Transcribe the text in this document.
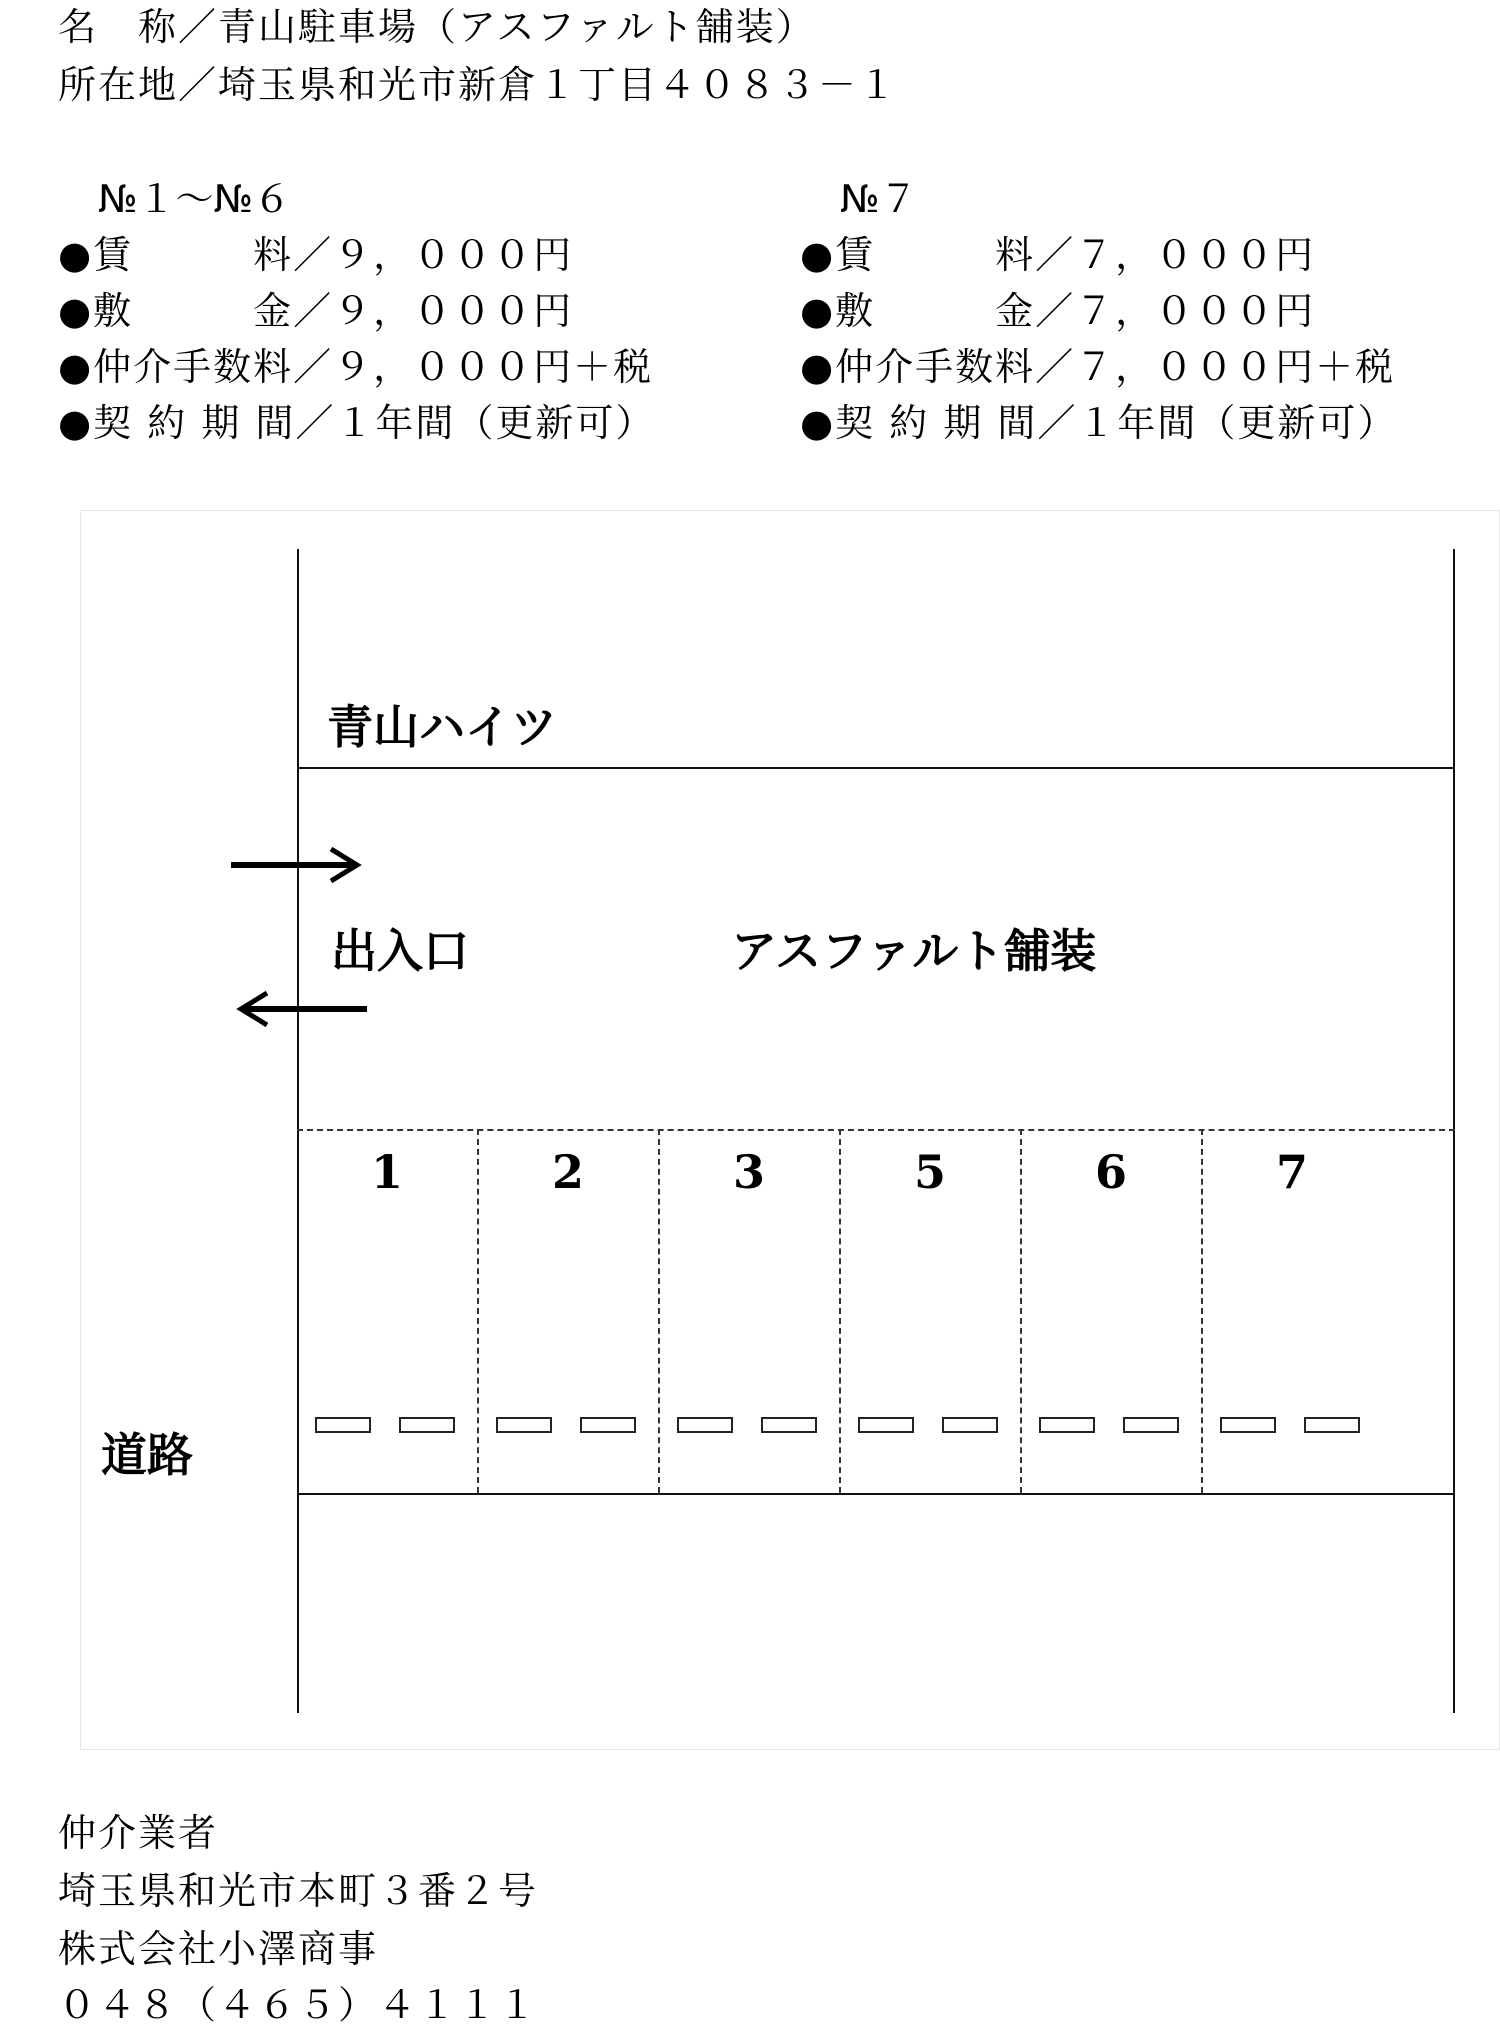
名　称／青山駐車場（アスファルト舗装）
所在地／埼玉県和光市新倉１丁目４０８３－１
№１～№６
●賃　　　料／９，０００円
●敷　　　金／９，０００円
●仲介手数料／９，０００円＋税
●契 約 期 間／１年間（更新可）
№７
●賃　　　料／７，０００円
●敷　　　金／７，０００円
●仲介手数料／７，０００円＋税
●契 約 期 間／１年間（更新可）
青山ハイツ
出入口	アスファルト舗装
道路
1	2	3	5	6	7
仲介業者
埼玉県和光市本町３番２号
株式会社小澤商事
０４８（４６５）４１１１
